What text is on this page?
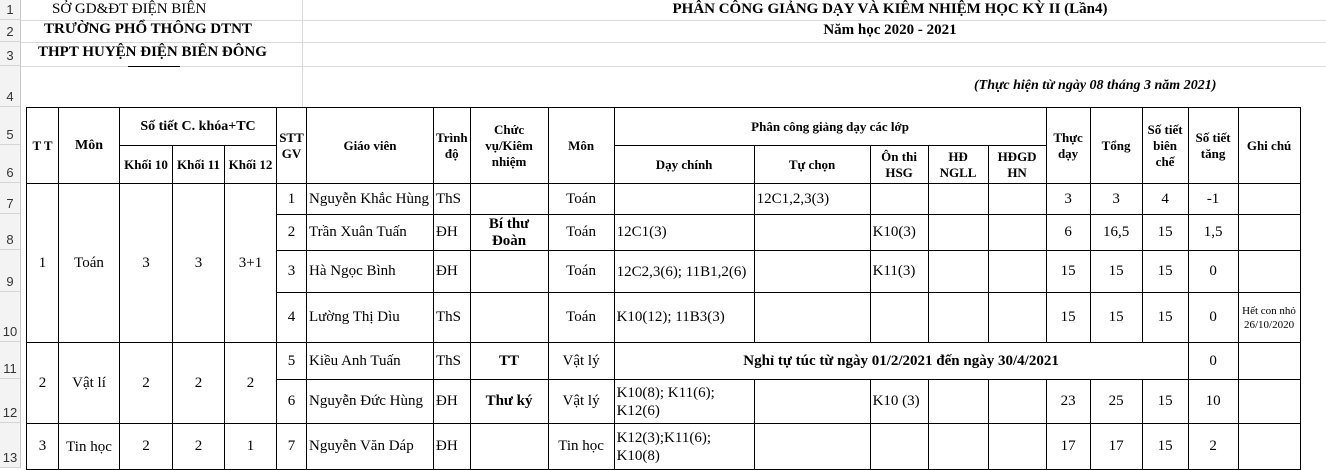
1
2
3
4
5
6
7
8
9
10
11
12
13
SỞ GD&ĐT ĐIỆN BIÊN
TRƯỜNG PHỔ THÔNG DTNT
THPT HUYỆN ĐIỆN BIÊN ĐÔNG
PHÂN CÔNG GIẢNG DẠY VÀ KIÊM NHIỆM HỌC KỲ II (Lần4)
Năm học 2020 - 2021
(Thực hiện từ ngày 08 tháng 3 năm 2021)
T T	Môn	Số tiết C. khóa+TC			STT GV	Giáo viên	Trình độ	Chức vụ/Kiêm nhiệm	Môn	Phân công giảng dạy các lớp					Thực dạy	Tổng	Số tiết biên chế	Số tiết tăng	Ghi chú
		Khối 10	Khối 11	Khối 12						Dạy chính	Tự chọn	Ôn thi HSG	HĐ NGLL	HĐGD HN					
1	Toán	3	3	3+1	1	Nguyễn Khắc Hùng	ThS		Toán		12C1,2,3(3)				3	3	4	-1	
					2	Trần Xuân Tuấn	ĐH	Bí thư Đoàn	Toán	12C1(3)		K10(3)			6	16,5	15	1,5	
					3	Hà Ngọc Bình	ĐH		Toán	12C2,3(6); 11B1,2(6)		K11(3)			15	15	15	0	
					4	Lường Thị Dìu	ThS		Toán	K10(12); 11B3(3)					15	15	15	0	Hết con nhỏ 26/10/2020
2	Vật lí	2	2	2	5	Kiều Anh Tuấn	ThS	TT	Vật lý	Nghỉ tự túc từ ngày 01/2/2021 đến ngày 30/4/2021								0	
					6	Nguyễn Đức Hùng	ĐH	Thư ký	Vật lý	K10(8); K11(6); K12(6)		K10 (3)			23	25	15	10	
3	Tin học	2	2	1	7	Nguyễn Văn Dáp	ĐH		Tin học	K12(3);K11(6); K10(8)					17	17	15	2	
